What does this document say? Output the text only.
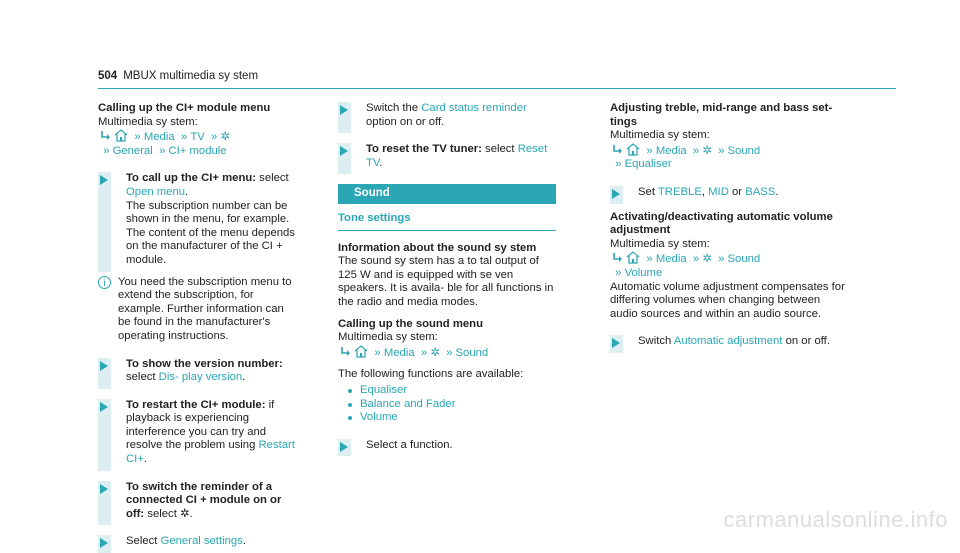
504 MBUX multimedia sy stem
Calling up the CI+ module menu
Multimedia sy stem:
» Media  » TV  » ✲
» General  » CI+ module
To call up the CI+ menu: select Open menu.
The subscription number can be shown in the menu, for example. The content of the menu depends on the manufacturer of the CI + module.
i	You need the subscription menu to extend the subscription, for example. Further information can be found in the manufacturer's operating instructions.
To show the version number: select Dis- play version.
To restart the CI+ module: if playback is experiencing interference you can try and resolve the problem using Restart CI+.
To switch the reminder of a connected CI + module on or off: select ✲.
Select General settings.
Switch the Card status reminder option on or off.
To reset the TV tuner: select Reset TV.
Sound
Tone settings
Information about the sound sy stem
The sound sy stem has a to tal output of 125 W and is equipped with se ven speakers. It is availa- ble for all functions in the radio and media modes.
Calling up the sound menu
Multimedia sy stem:
» Media  » ✲  » Sound
The following functions are available:
Equaliser
Balance and Fader
Volume
Select a function.
Adjusting treble, mid-range and bass set- tings
Multimedia sy stem:
» Media  » ✲  » Sound
» Equaliser
Set TREBLE, MID or BASS.
Activating/deactivating automatic volume adjustment
Multimedia sy stem:
» Media  » ✲  » Sound
» Volume
Automatic volume adjustment compensates for differing volumes when changing between audio sources and within an audio source.
Switch Automatic adjustment on or off.
carmanualsonline.info
